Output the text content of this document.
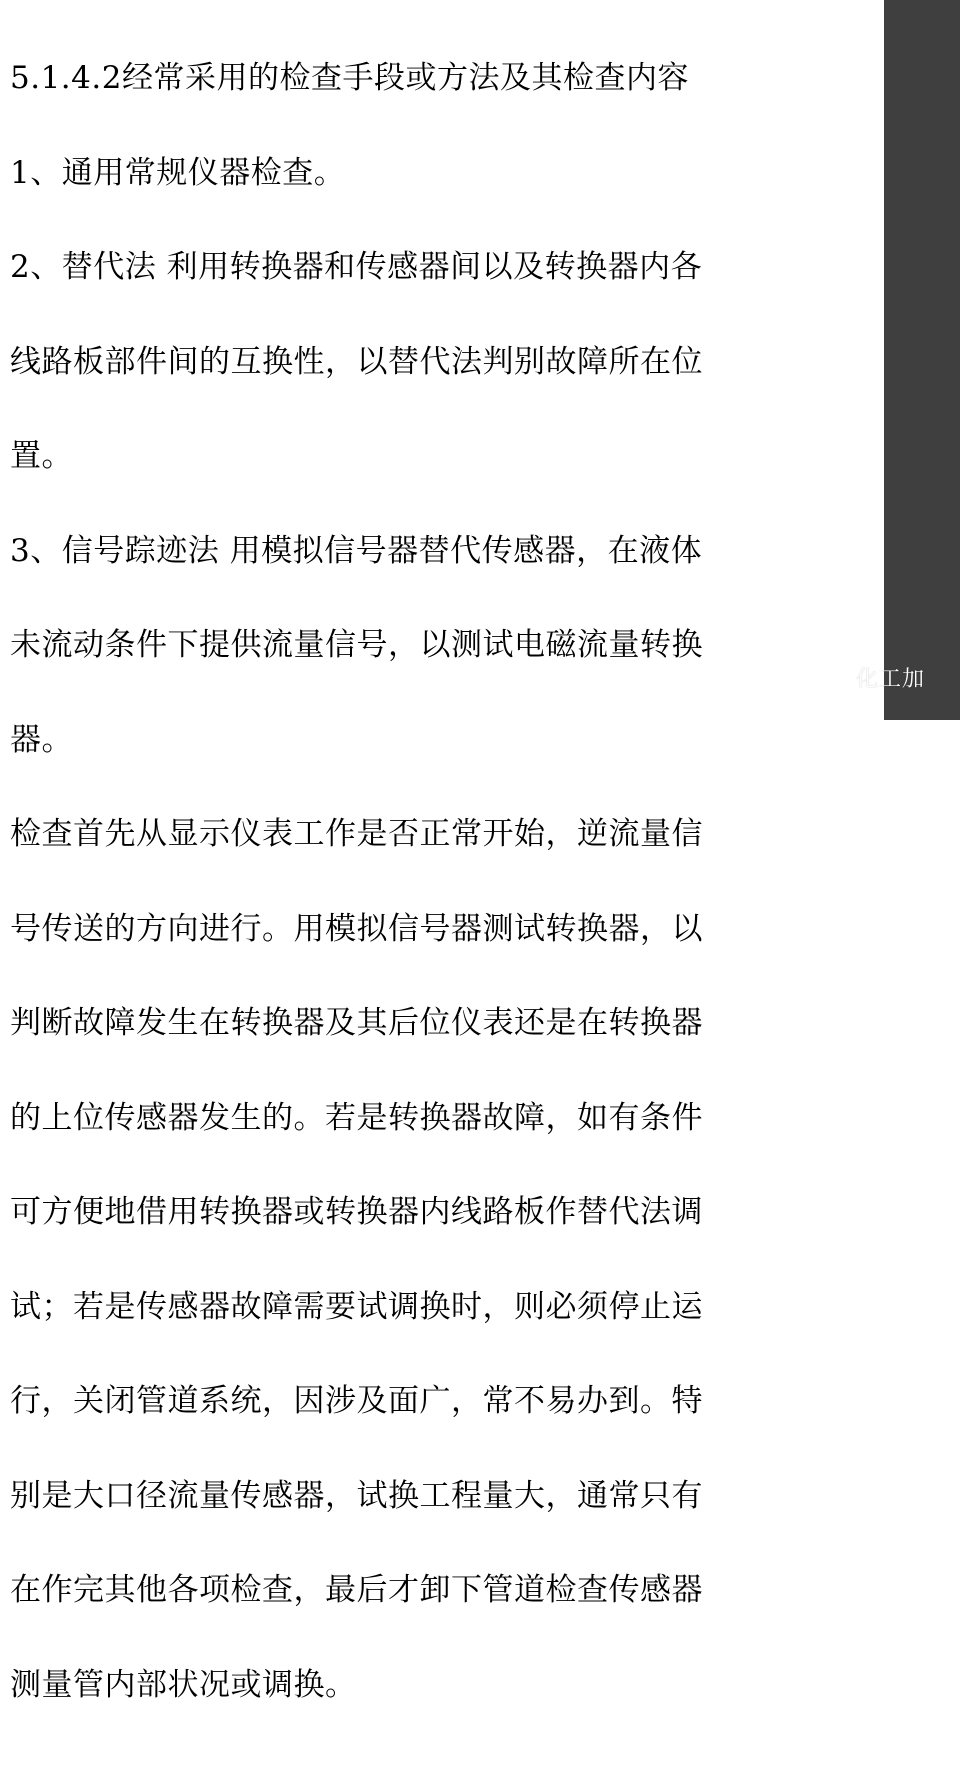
5.1.4.2经常采用的检查手段或方法及其检查内容

1、通用常规仪器检查。

2、替代法 利用转换器和传感器间以及转换器内各

线路板部件间的互换性，以替代法判别故障所在位

置。

3、信号踪迹法 用模拟信号器替代传感器，在液体

未流动条件下提供流量信号，以测试电磁流量转换

器。

检查首先从显示仪表工作是否正常开始，逆流量信

号传送的方向进行。用模拟信号器测试转换器，以

判断故障发生在转换器及其后位仪表还是在转换器

的上位传感器发生的。若是转换器故障，如有条件

可方便地借用转换器或转换器内线路板作替代法调

试；若是传感器故障需要试调换时，则必须停止运

行，关闭管道系统，因涉及面广，常不易办到。特

别是大口径流量传感器，试换工程量大，通常只有

在作完其他各项检查，最后才卸下管道检查传感器

测量管内部状况或调换。

化工加
